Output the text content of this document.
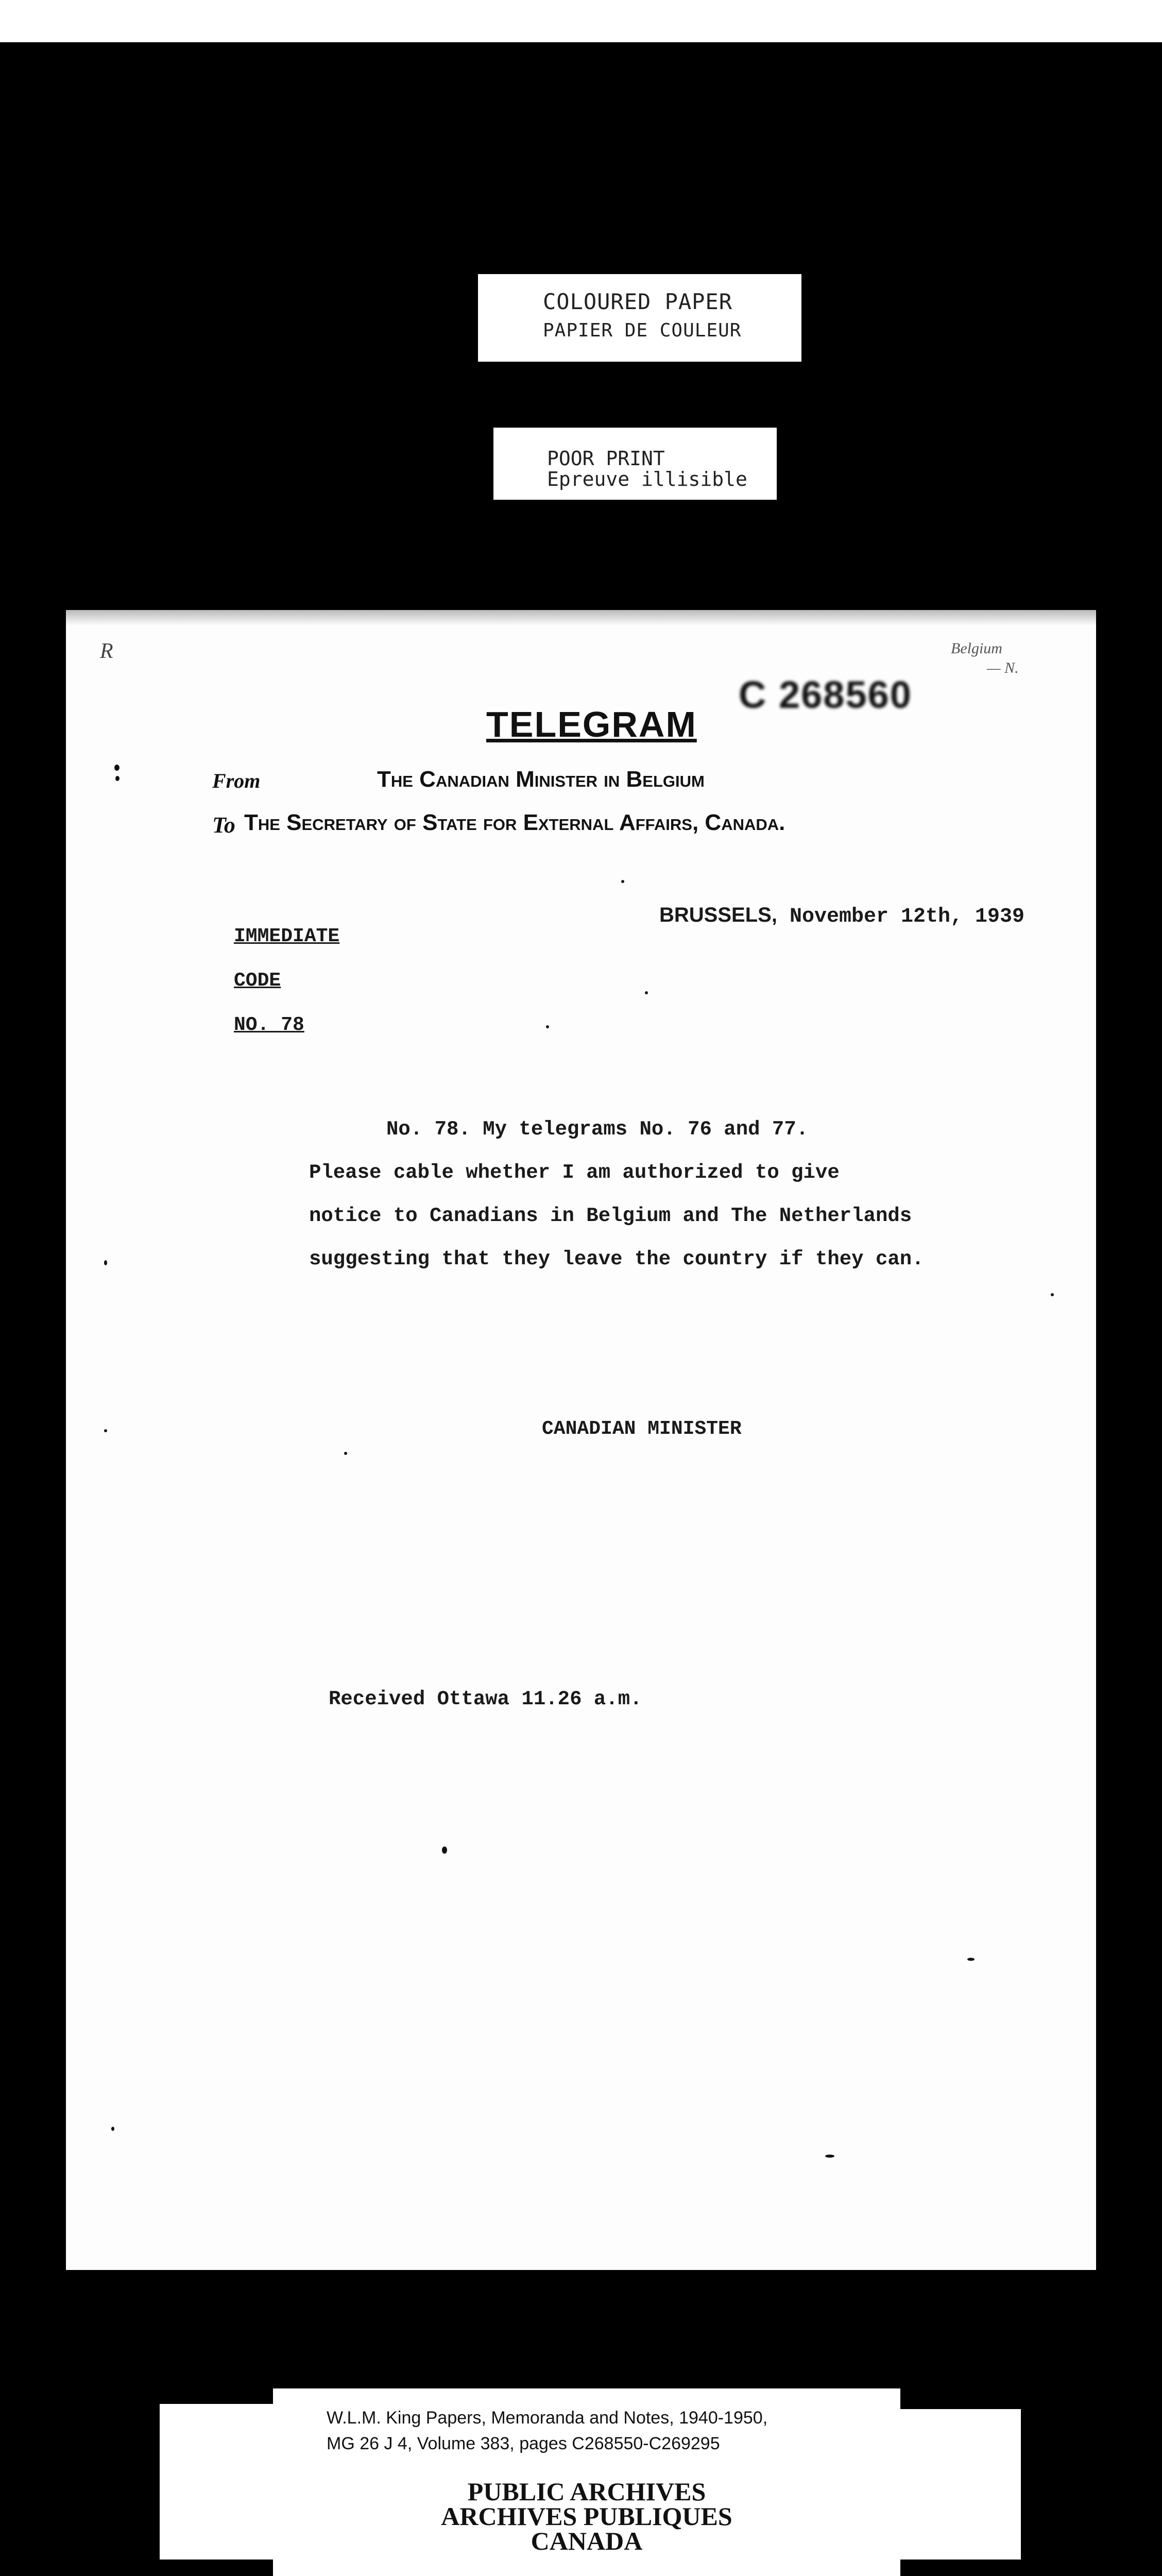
COLOURED PAPER
PAPIER DE COULEUR
POOR PRINT
Epreuve illisible
R	Belgium
— N.
TELEGRAM
C 268560
From	The Canadian Minister in Belgium
To The Secretary of State for External Affairs, Canada.
BRUSSELS, November 12th, 1939
IMMEDIATE
CODE
NO. 78
No. 78. My telegrams No. 76 and 77.
Please cable whether I am authorized to give
notice to Canadians in Belgium and The Netherlands
suggesting that they leave the country if they can.
CANADIAN MINISTER
Received Ottawa 11.26 a.m.
W.L.M. King Papers, Memoranda and Notes, 1940-1950,
MG 26 J 4, Volume 383, pages C268550-C269295
PUBLIC ARCHIVES
ARCHIVES PUBLIQUES
CANADA
